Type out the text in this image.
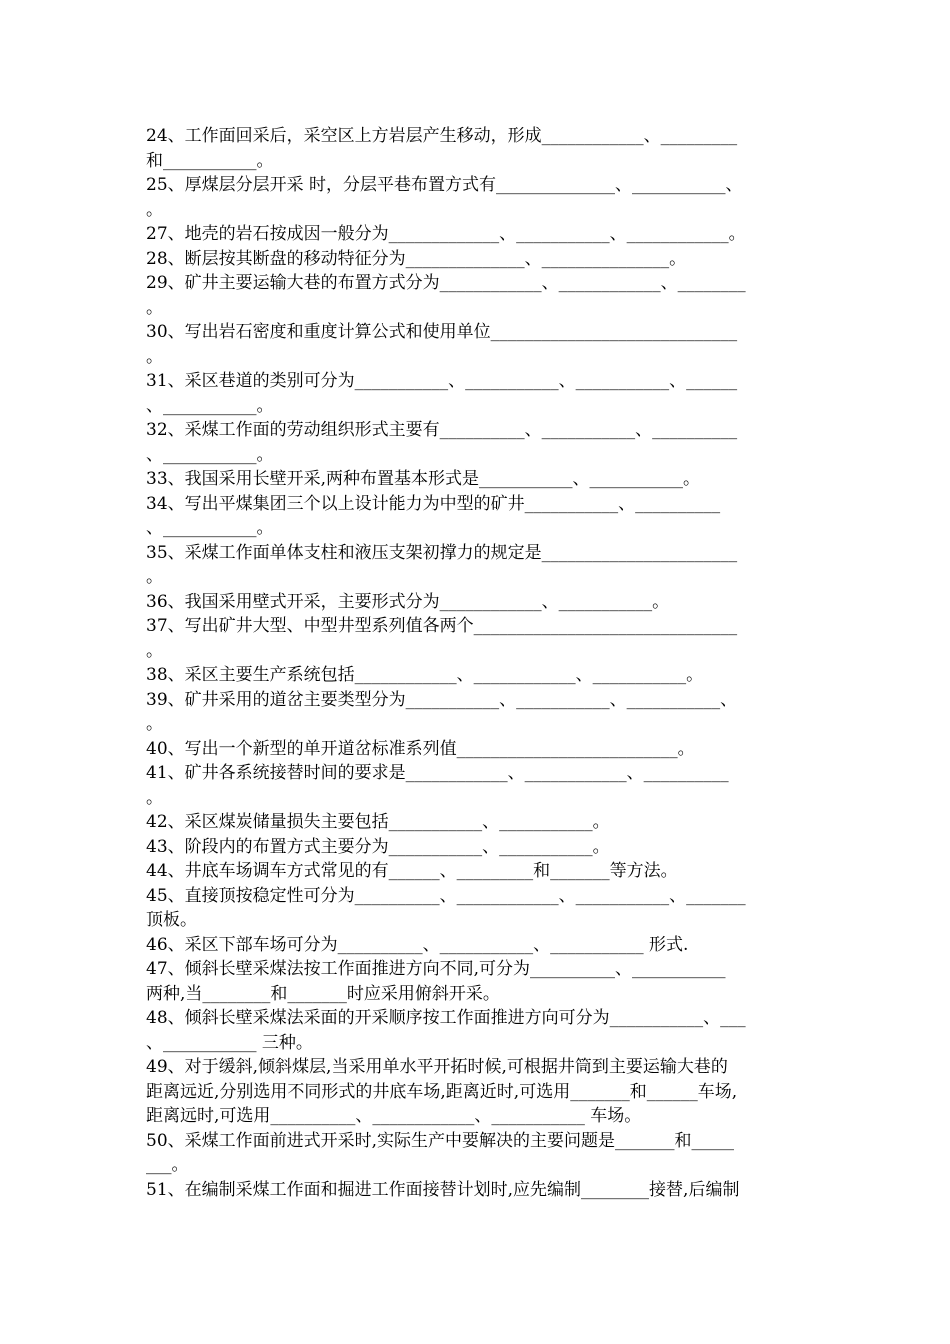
24、工作面回采后，采空区上方岩层产生移动，形成____________、_________
和___________。
25、厚煤层分层开采 时，分层平巷布置方式有______________、___________、
。
27、地壳的岩石按成因一般分为_____________、___________、____________。
28、断层按其断盘的移动特征分为______________、_______________。
29、矿井主要运输大巷的布置方式分为____________、____________、________
。
30、写出岩石密度和重度计算公式和使用单位_____________________________
。
31、采区巷道的类别可分为___________、___________、___________、______
、___________。
32、采煤工作面的劳动组织形式主要有__________、___________、__________
、___________。
33、我国采用长壁开采,两种布置基本形式是___________、___________。
34、写出平煤集团三个以上设计能力为中型的矿井___________、__________
、___________。
35、采煤工作面单体支柱和液压支架初撑力的规定是_______________________
。
36、我国采用壁式开采，主要形式分为____________、___________。
37、写出矿井大型、中型井型系列值各两个_______________________________
。
38、采区主要生产系统包括____________、____________、___________。
39、矿井采用的道岔主要类型分为___________、___________、___________、
。
40、写出一个新型的单开道岔标准系列值__________________________。
41、矿井各系统接替时间的要求是____________、____________、__________
。
42、采区煤炭储量损失主要包括___________、___________。
43、阶段内的布置方式主要分为___________、___________。
44、井底车场调车方式常见的有______、_________和_______等方法。
45、直接顶按稳定性可分为__________、____________、___________、_______
顶板。
46、采区下部车场可分为__________、___________、___________ 形式.
47、倾斜长壁采煤法按工作面推进方向不同,可分为__________、___________
两种,当________和_______时应采用俯斜开采。
48、倾斜长壁采煤法采面的开采顺序按工作面推进方向可分为___________、___
、___________ 三种。
49、对于缓斜,倾斜煤层,当采用单水平开拓时候,可根据井筒到主要运输大巷的
距离远近,分别选用不同形式的井底车场,距离近时,可选用_______和______车场,
距离远时,可选用__________、____________、___________ 车场。
50、采煤工作面前进式开采时,实际生产中要解决的主要问题是_______和_____
___。
51、在编制采煤工作面和掘进工作面接替计划时,应先编制________接替,后编制
